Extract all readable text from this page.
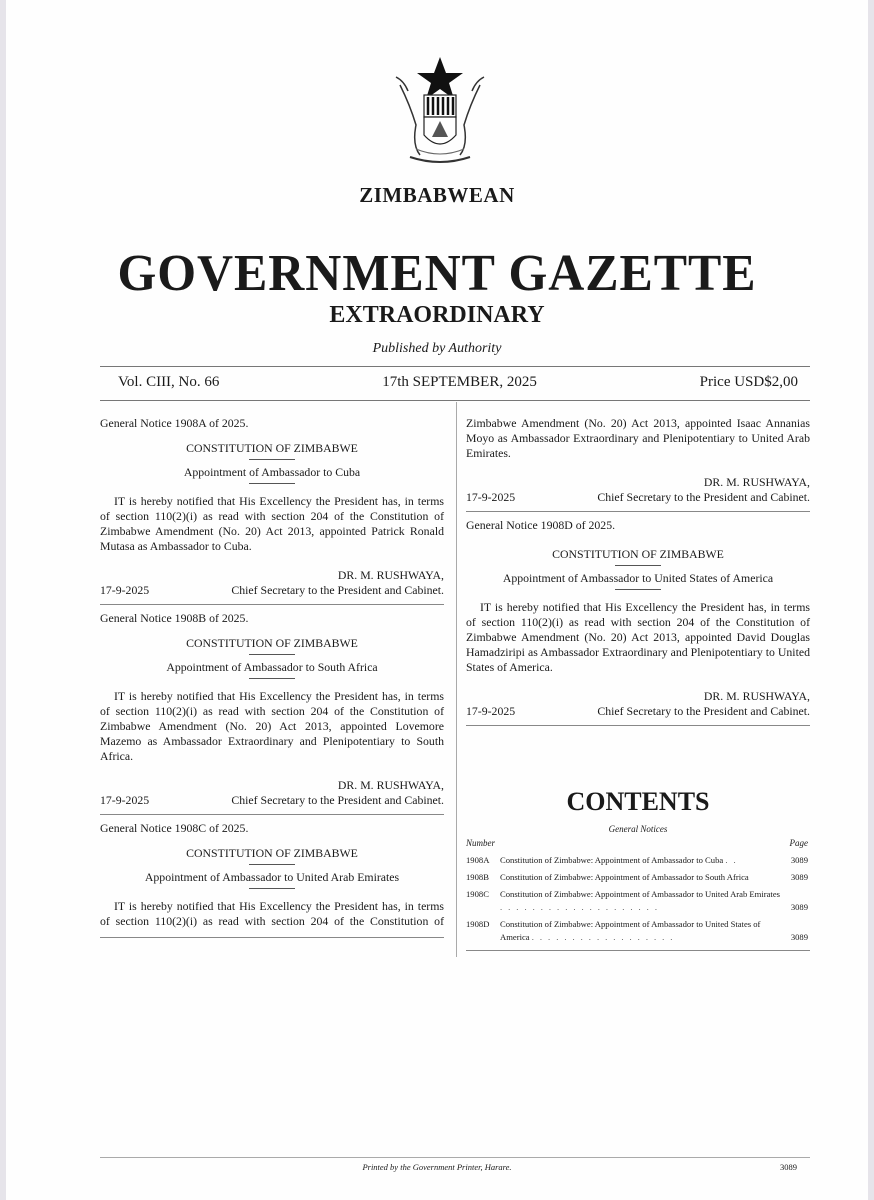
ZIMBABWEAN
GOVERNMENT GAZETTE
EXTRAORDINARY
Published by Authority
Vol. CIII, No. 66	17th SEPTEMBER, 2025	Price USD$2,00

General Notice 1908A of 2025.

CONSTITUTION OF ZIMBABWE
Appointment of Ambassador to Cuba

IT is hereby notified that His Excellency the President has, in terms of section 110(2)(i) as read with section 204 of the Constitution of Zimbabwe Amendment (No. 20) Act 2013, appointed Patrick Ronald Mutasa as Ambassador to Cuba.

DR. M. RUSHWAYA,
17-9-2025	Chief Secretary to the President and Cabinet.

General Notice 1908B of 2025.

CONSTITUTION OF ZIMBABWE
Appointment of Ambassador to South Africa

IT is hereby notified that His Excellency the President has, in terms of section 110(2)(i) as read with section 204 of the Constitution of Zimbabwe Amendment (No. 20) Act 2013, appointed Lovemore Mazemo as Ambassador Extraordinary and Plenipotentiary to South Africa.

DR. M. RUSHWAYA,
17-9-2025	Chief Secretary to the President and Cabinet.

General Notice 1908C of 2025.

CONSTITUTION OF ZIMBABWE
Appointment of Ambassador to United Arab Emirates

IT is hereby notified that His Excellency the President has, in terms of section 110(2)(i) as read with section 204 of the Constitution of

Zimbabwe Amendment (No. 20) Act 2013, appointed Isaac Annanias Moyo as Ambassador Extraordinary and Plenipotentiary to United Arab Emirates.

DR. M. RUSHWAYA,
17-9-2025	Chief Secretary to the President and Cabinet.

General Notice 1908D of 2025.

CONSTITUTION OF ZIMBABWE
Appointment of Ambassador to United States of America

IT is hereby notified that His Excellency the President has, in terms of section 110(2)(i) as read with section 204 of the Constitution of Zimbabwe Amendment (No. 20) Act 2013, appointed David Douglas Hamadziripi as Ambassador Extraordinary and Plenipotentiary to United States of America.

DR. M. RUSHWAYA,
17-9-2025	Chief Secretary to the President and Cabinet.
CONTENTS
General Notices
Number	Page
1908A	Constitution of Zimbabwe: Appointment of Ambassador to Cuba ..	3089
1908B	Constitution of Zimbabwe: Appointment of Ambassador to South Africa	3089
1908C	Constitution of Zimbabwe: Appointment of Ambassador to United Arab Emirates ....................	3089
1908D	Constitution of Zimbabwe: Appointment of Ambassador to United States of America ..................	3089
Printed by the Government Printer, Harare.	3089
